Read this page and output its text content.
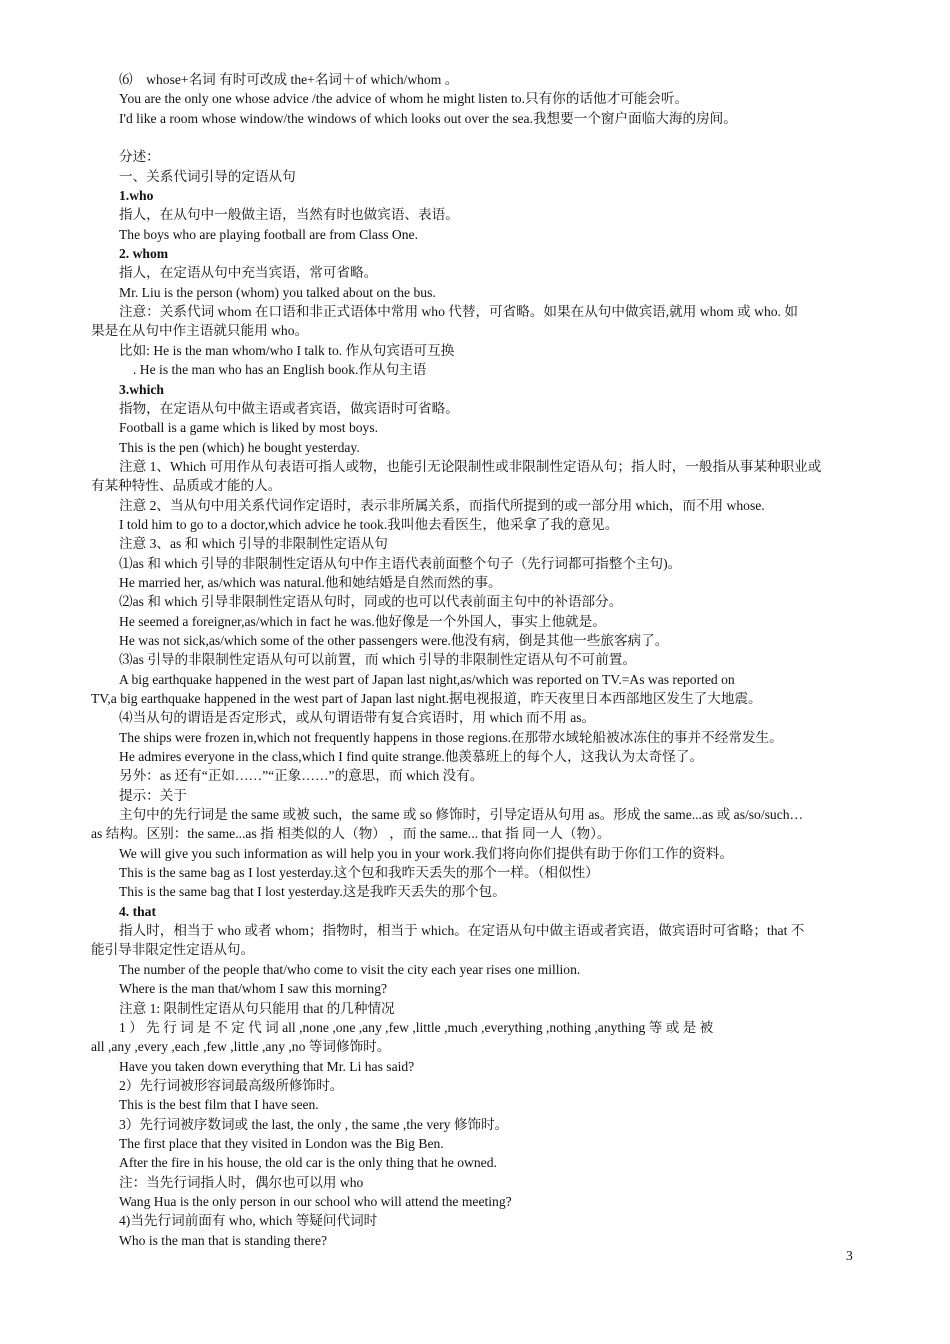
⑹　whose+名词 有时可改成 the+名词＋of which/whom 。
You are the only one whose advice /the advice of whom he might listen to.只有你的话他才可能会听。
I'd like a room whose window/the windows of which looks out over the sea.我想要一个窗户面临大海的房间。
分述：
一、关系代词引导的定语从句
1.who
指人，在从句中一般做主语，当然有时也做宾语、表语。
The boys who are playing football are from Class One.
2. whom
指人，在定语从句中充当宾语，常可省略。
Mr. Liu is the person (whom) you talked about on the bus.
注意：关系代词 whom 在口语和非正式语体中常用 who 代替，可省略。如果在从句中做宾语,就用 whom 或 who. 如
果是在从句中作主语就只能用 who。
比如: He is the man whom/who I talk to. 作从句宾语可互换
. He is the man who has an English book.作从句主语
3.which
指物，在定语从句中做主语或者宾语，做宾语时可省略。
Football is a game which is liked by most boys.
This is the pen (which) he bought yesterday.
注意 1、Which 可用作从句表语可指人或物，也能引无论限制性或非限制性定语从句；指人时，一般指从事某种职业或
有某种特性、品质或才能的人。
注意 2、当从句中用关系代词作定语时，表示非所属关系，而指代所提到的或一部分用 which，而不用 whose.
I told him to go to a doctor,which advice he took.我叫他去看医生，他采拿了我的意见。
注意 3、as 和 which 引导的非限制性定语从句
⑴as 和 which 引导的非限制性定语从句中作主语代表前面整个句子（先行词都可指整个主句)。
He married her, as/which was natural.他和她结婚是自然而然的事。
⑵as 和 which 引导非限制性定语从句时，同或的也可以代表前面主句中的补语部分。
He seemed a foreigner,as/which in fact he was.他好像是一个外国人，事实上他就是。
He was not sick,as/which some of the other passengers were.他没有病，倒是其他一些旅客病了。
⑶as 引导的非限制性定语从句可以前置，而 which 引导的非限制性定语从句不可前置。
A big earthquake happened in the west part of Japan last night,as/which was reported on TV.=As was reported on
TV,a big earthquake happened in the west part of Japan last night.据电视报道，昨天夜里日本西部地区发生了大地震。
⑷当从句的谓语是否定形式，或从句谓语带有复合宾语时，用 which 而不用 as。
The ships were frozen in,which not frequently happens in those regions.在那带水域轮船被冰冻住的事并不经常发生。
He admires everyone in the class,which I find quite strange.他羡慕班上的每个人，这我认为太奇怪了。
另外：as 还有“正如……”“正象……”的意思，而 which 没有。
提示：关于
主句中的先行词是 the same 或被 such，the same 或 so 修饰时，引导定语从句用 as。形成 the same...as 或 as/so/such…
as 结构。区别：the same...as 指 相类似的人（物） ，而 the same... that 指 同一人（物）。
We will give you such information as will help you in your work.我们将向你们提供有助于你们工作的资料。
This is the same bag as I lost yesterday.这个包和我昨天丢失的那个一样。（相似性）
This is the same bag that I lost yesterday.这是我昨天丢失的那个包。
4. that
指人时，相当于 who 或者 whom；指物时，相当于 which。在定语从句中做主语或者宾语，做宾语时可省略；that 不
能引导非限定性定语从句。
The number of the people that/who come to visit the city each year rises one million.
Where is the man that/whom I saw this morning?
注意 1: 限制性定语从句只能用 that 的几种情况
1 ） 先 行 词 是 不 定 代 词 all ,none ,one ,any ,few ,little ,much ,everything ,nothing ,anything 等 或 是 被
all ,any ,every ,each ,few ,little ,any ,no 等词修饰时。
Have you taken down everything that Mr. Li has said?
2）先行词被形容词最高级所修饰时。
This is the best film that I have seen.
3）先行词被序数词或 the last, the only , the same ,the very 修饰时。
The first place that they visited in London was the Big Ben.
After the fire in his house, the old car is the only thing that he owned.
注：当先行词指人时，偶尔也可以用 who
Wang Hua is the only person in our school who will attend the meeting?
4)当先行词前面有 who, which 等疑问代词时
Who is the man that is standing there?
3
